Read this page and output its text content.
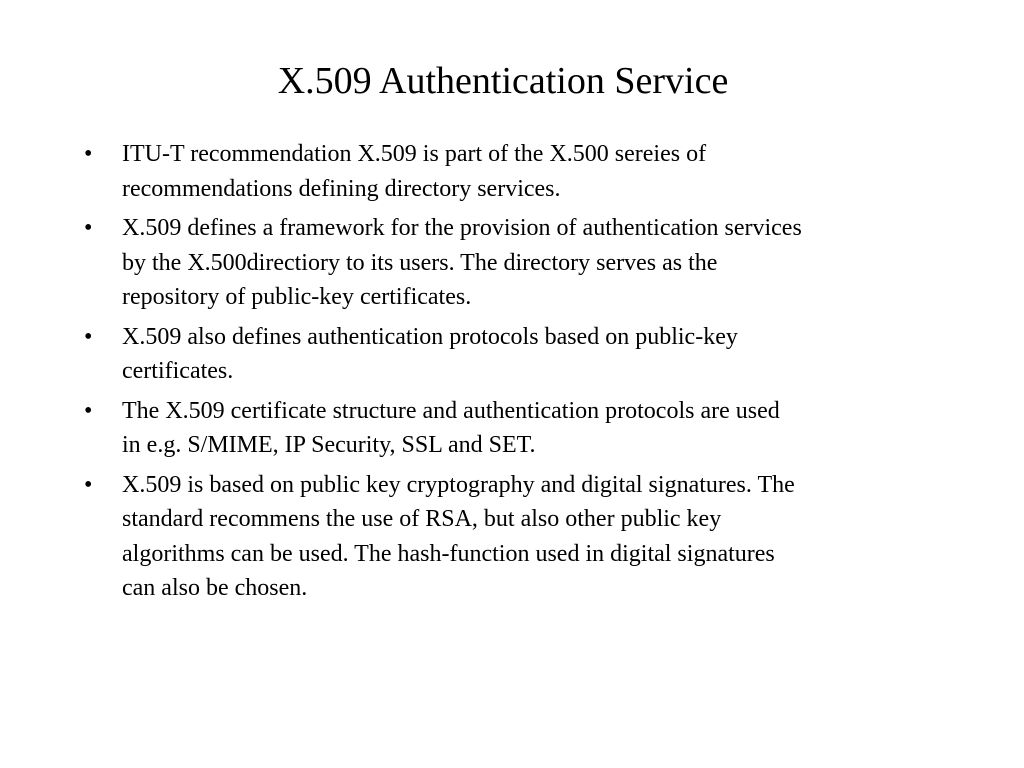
X.509 Authentication Service
• ITU-T recommendation X.509 is part of the X.500 sereies of
recommendations defining directory services.
• X.509 defines a framework for the provision of authentication services
by the X.500directiory to its users. The directory serves as the
repository of public-key certificates.
• X.509 also defines authentication protocols based on public-key
certificates.
• The X.509 certificate structure and authentication protocols are used
in e.g. S/MIME, IP Security, SSL and SET.
• X.509 is based on public key cryptography and digital signatures. The
standard recommens the use of RSA, but also other public key
algorithms can be used. The hash-function used in digital signatures
can also be chosen.
